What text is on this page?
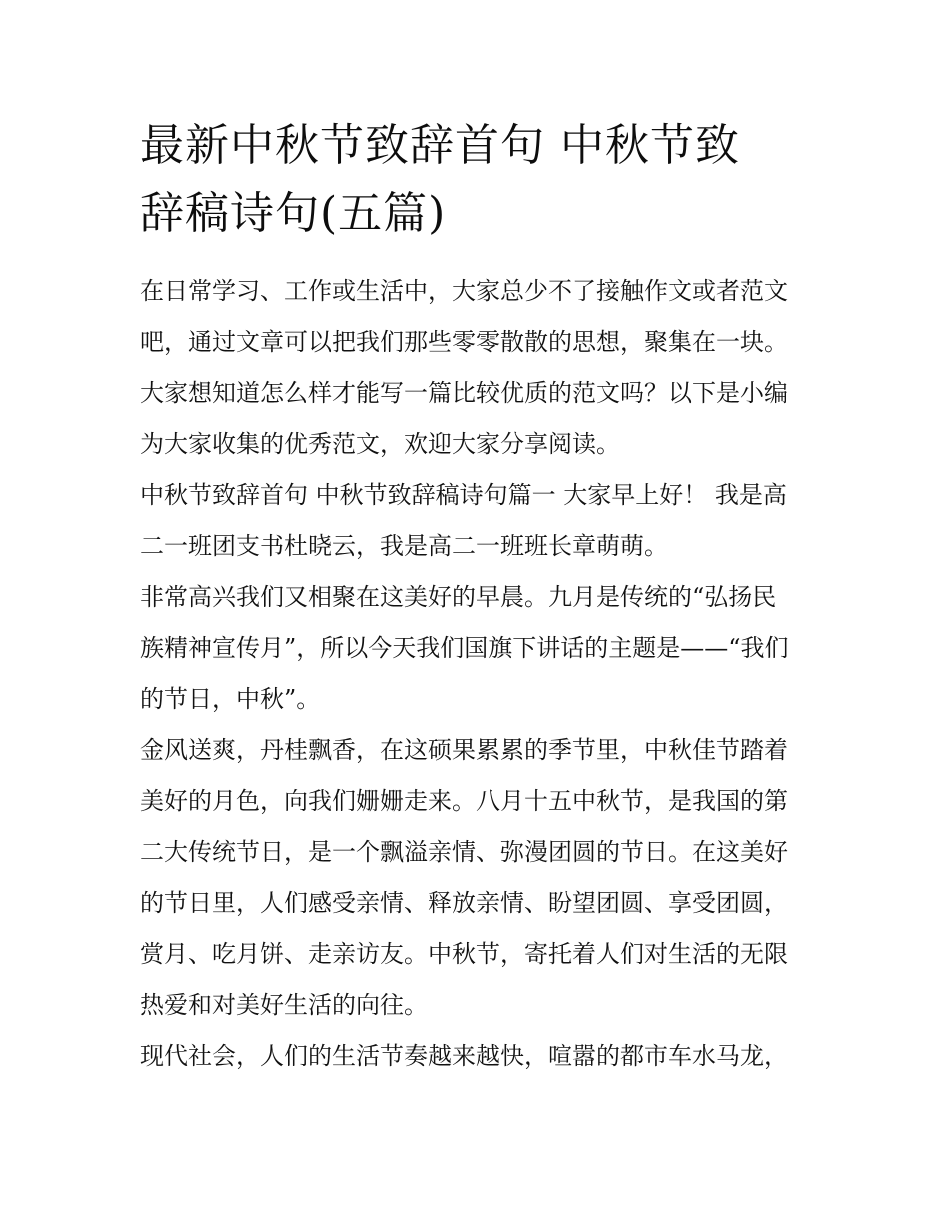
最新中秋节致辞首句 中秋节致
辞稿诗句(五篇)

在日常学习、工作或生活中，大家总少不了接触作文或者范文
吧，通过文章可以把我们那些零零散散的思想，聚集在一块。
大家想知道怎么样才能写一篇比较优质的范文吗？以下是小编
为大家收集的优秀范文，欢迎大家分享阅读。

中秋节致辞首句 中秋节致辞稿诗句篇一 大家早上好！ 我是高
二一班团支书杜晓云，我是高二一班班长章萌萌。

非常高兴我们又相聚在这美好的早晨。九月是传统的“弘扬民
族精神宣传月”，所以今天我们国旗下讲话的主题是——“我们
的节日，中秋”。

金风送爽，丹桂飘香，在这硕果累累的季节里，中秋佳节踏着
美好的月色，向我们姗姗走来。八月十五中秋节，是我国的第
二大传统节日，是一个飘溢亲情、弥漫团圆的节日。在这美好
的节日里，人们感受亲情、释放亲情、盼望团圆、享受团圆，
赏月、吃月饼、走亲访友。中秋节，寄托着人们对生活的无限
热爱和对美好生活的向往。

现代社会，人们的生活节奏越来越快，喧嚣的都市车水马龙，
